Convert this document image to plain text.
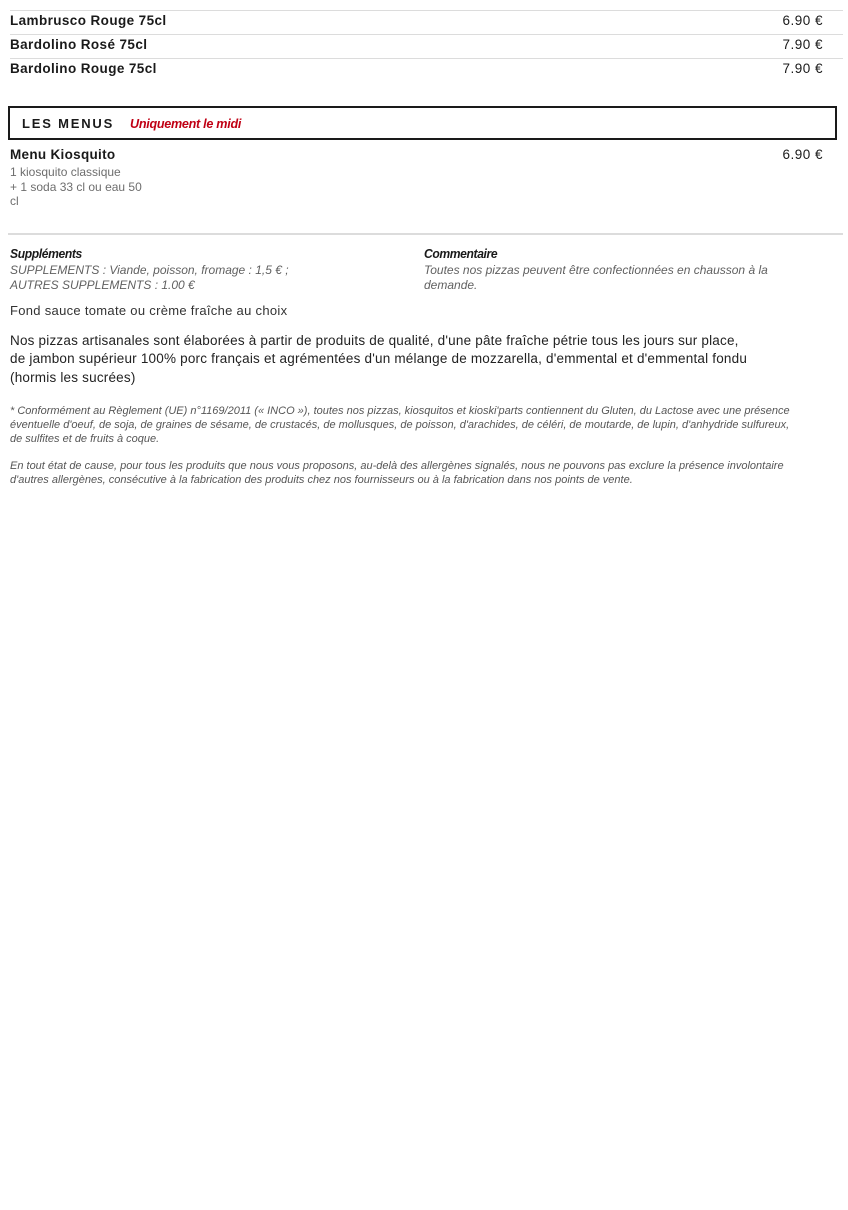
Lambrusco Rouge 75cl	6.90 €
Bardolino Rosé 75cl	7.90 €
Bardolino Rouge 75cl	7.90 €
LES MENUS Uniquement le midi
Menu Kiosquito	6.90 €
1 kiosquito classique
+ 1 soda 33 cl ou eau 50
cl
Suppléments
SUPPLEMENTS : Viande, poisson, fromage : 1,5 € ;
AUTRES SUPPLEMENTS : 1.00 €
Commentaire
Toutes nos pizzas peuvent être confectionnées en chausson à la
demande.
Fond sauce tomate ou crème fraîche au choix
Nos pizzas artisanales sont élaborées à partir de produits de qualité, d'une pâte fraîche pétrie tous les jours sur place,
de jambon supérieur 100% porc français et agrémentées d'un mélange de mozzarella, d'emmental et d'emmental fondu
(hormis les sucrées)
* Conformément au Règlement (UE) n°1169/2011 (« INCO »), toutes nos pizzas, kiosquitos et kioski'parts contiennent du Gluten, du Lactose avec une présence
éventuelle d'oeuf, de soja, de graines de sésame, de crustacés, de mollusques, de poisson, d'arachides, de céléri, de moutarde, de lupin, d'anhydride sulfureux,
de sulfites et de fruits à coque.
En tout état de cause, pour tous les produits que nous vous proposons, au-delà des allergènes signalés, nous ne pouvons pas exclure la présence involontaire
d'autres allergènes, consécutive à la fabrication des produits chez nos fournisseurs ou à la fabrication dans nos points de vente.
